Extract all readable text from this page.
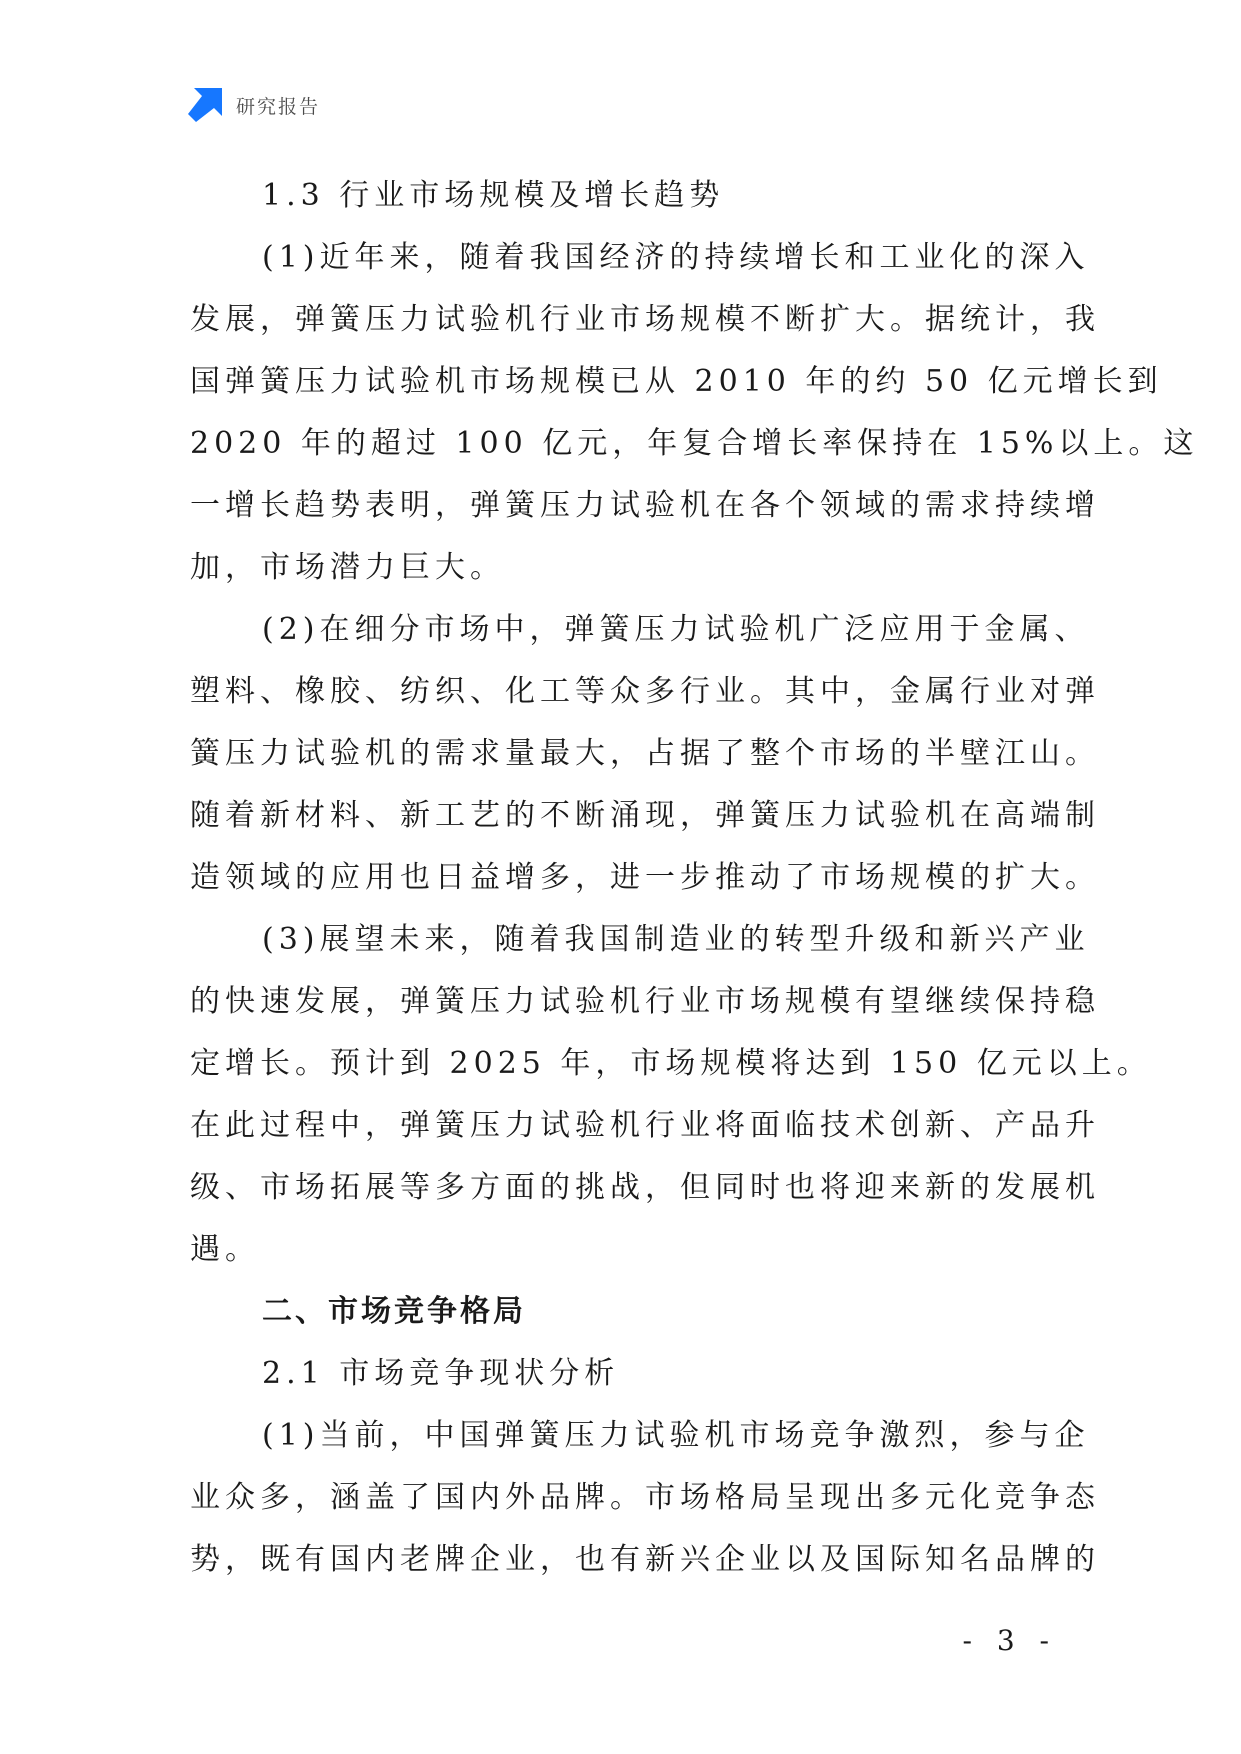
研究报告
1.3 行业市场规模及增长趋势
(1)近年来，随着我国经济的持续增长和工业化的深入
发展，弹簧压力试验机行业市场规模不断扩大。据统计，我
国弹簧压力试验机市场规模已从 2010 年的约 50 亿元增长到
2020 年的超过 100 亿元，年复合增长率保持在 15%以上。这
一增长趋势表明，弹簧压力试验机在各个领域的需求持续增
加，市场潜力巨大。
(2)在细分市场中，弹簧压力试验机广泛应用于金属、
塑料、橡胶、纺织、化工等众多行业。其中，金属行业对弹
簧压力试验机的需求量最大，占据了整个市场的半壁江山。
随着新材料、新工艺的不断涌现，弹簧压力试验机在高端制
造领域的应用也日益增多，进一步推动了市场规模的扩大。
(3)展望未来，随着我国制造业的转型升级和新兴产业
的快速发展，弹簧压力试验机行业市场规模有望继续保持稳
定增长。预计到 2025 年，市场规模将达到 150 亿元以上。
在此过程中，弹簧压力试验机行业将面临技术创新、产品升
级、市场拓展等多方面的挑战，但同时也将迎来新的发展机
遇。
二、市场竞争格局
2.1 市场竞争现状分析
(1)当前，中国弹簧压力试验机市场竞争激烈，参与企
业众多，涵盖了国内外品牌。市场格局呈现出多元化竞争态
势，既有国内老牌企业，也有新兴企业以及国际知名品牌的
- 3 -
